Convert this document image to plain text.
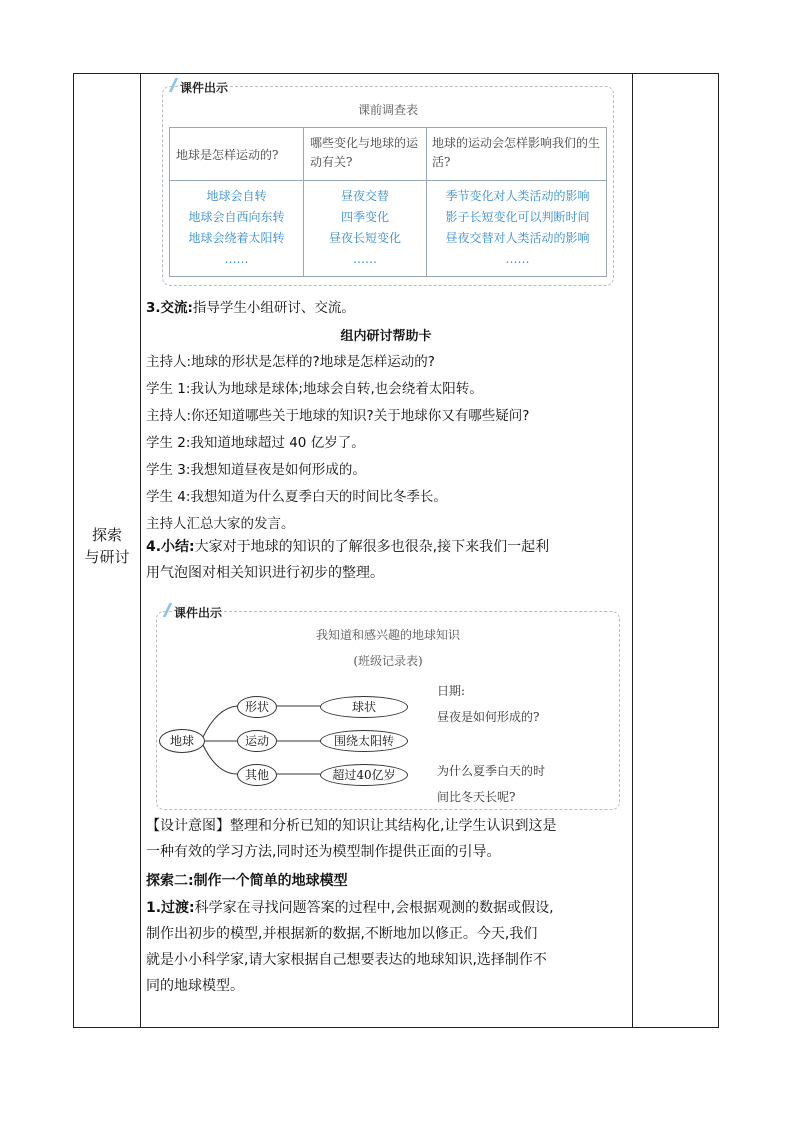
探索
与研讨
课前调查表
地球是怎样运动的?
哪些变化与地球的运动有关?
地球的运动会怎样影响我们的生活?
地球会自转
地球会自西向东转
地球会绕着太阳转
……
昼夜交替
四季变化
昼夜长短变化
……
季节变化对人类活动的影响
影子长短变化可以判断时间
昼夜交替对人类活动的影响
……
课件出示
3.交流:指导学生小组研讨、交流。
组内研讨帮助卡
主持人:地球的形状是怎样的?地球是怎样运动的?
学生 1:我认为地球是球体;地球会自转,也会绕着太阳转。
主持人:你还知道哪些关于地球的知识?关于地球你又有哪些疑问?
学生 2:我知道地球超过 40 亿岁了。
学生 3:我想知道昼夜是如何形成的。
学生 4:我想知道为什么夏季白天的时间比冬季长。
主持人汇总大家的发言。
4.小结:大家对于地球的知识的了解很多也很杂,接下来我们一起利
用气泡图对相关知识进行初步的整理。
我知道和感兴趣的地球知识
(班级记录表)
地球
形状
运动
其他
球状
围绕太阳转
超过40亿岁
日期:
昼夜是如何形成的?
为什么夏季白天的时
间比冬天长呢?
课件出示
【设计意图】整理和分析已知的知识让其结构化,让学生认识到这是
一种有效的学习方法,同时还为模型制作提供正面的引导。
探索二:制作一个简单的地球模型
1.过渡:科学家在寻找问题答案的过程中,会根据观测的数据或假设,
制作出初步的模型,并根据新的数据,不断地加以修正。今天,我们
就是小小科学家,请大家根据自己想要表达的地球知识,选择制作不
同的地球模型。
